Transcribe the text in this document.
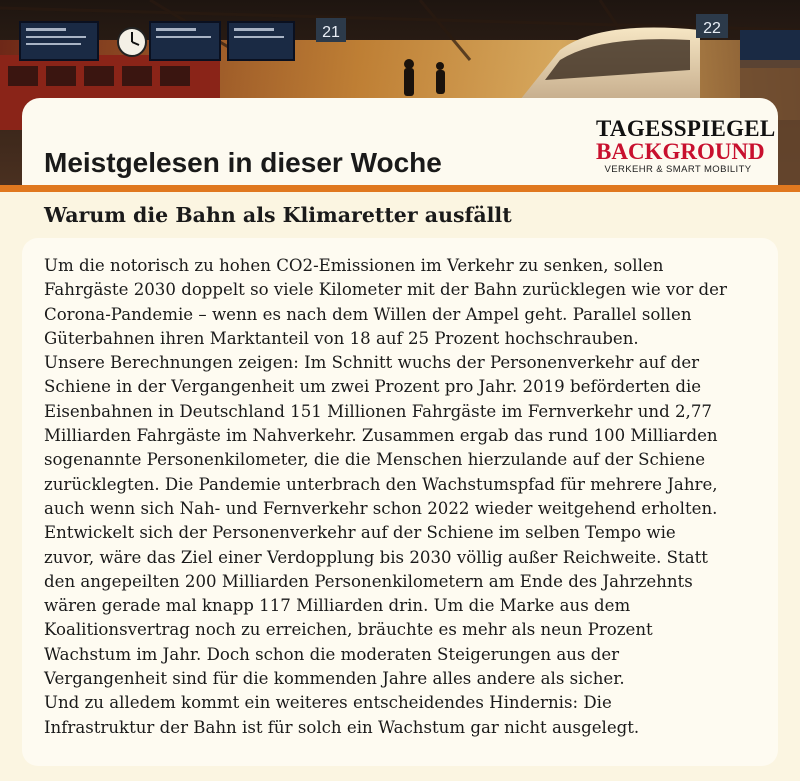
21	22
Meistgelesen in dieser Woche
TAGESSPIEGEL
BACKGROUND
VERKEHR & SMART MOBILITY
Warum die Bahn als Klimaretter ausfällt

Um die notorisch zu hohen CO2-Emissionen im Verkehr zu senken, sollen

Fahrgäste 2030 doppelt so viele Kilometer mit der Bahn zurücklegen wie vor der

Corona-Pandemie – wenn es nach dem Willen der Ampel geht. Parallel sollen

Güterbahnen ihren Marktanteil von 18 auf 25 Prozent hochschrauben.

Unsere Berechnungen zeigen: Im Schnitt wuchs der Personenverkehr auf der

Schiene in der Vergangenheit um zwei Prozent pro Jahr. 2019 beförderten die

Eisenbahnen in Deutschland 151 Millionen Fahrgäste im Fernverkehr und 2,77

Milliarden Fahrgäste im Nahverkehr. Zusammen ergab das rund 100 Milliarden

sogenannte Personenkilometer, die die Menschen hierzulande auf der Schiene

zurücklegten. Die Pandemie unterbrach den Wachstumspfad für mehrere Jahre,

auch wenn sich Nah- und Fernverkehr schon 2022 wieder weitgehend erholten.

Entwickelt sich der Personenverkehr auf der Schiene im selben Tempo wie

zuvor, wäre das Ziel einer Verdopplung bis 2030 völlig außer Reichweite. Statt

den angepeilten 200 Milliarden Personenkilometern am Ende des Jahrzehnts

wären gerade mal knapp 117 Milliarden drin. Um die Marke aus dem

Koalitionsvertrag noch zu erreichen, bräuchte es mehr als neun Prozent

Wachstum im Jahr. Doch schon die moderaten Steigerungen aus der

Vergangenheit sind für die kommenden Jahre alles andere als sicher.

Und zu alledem kommt ein weiteres entscheidendes Hindernis: Die

Infrastruktur der Bahn ist für solch ein Wachstum gar nicht ausgelegt.
